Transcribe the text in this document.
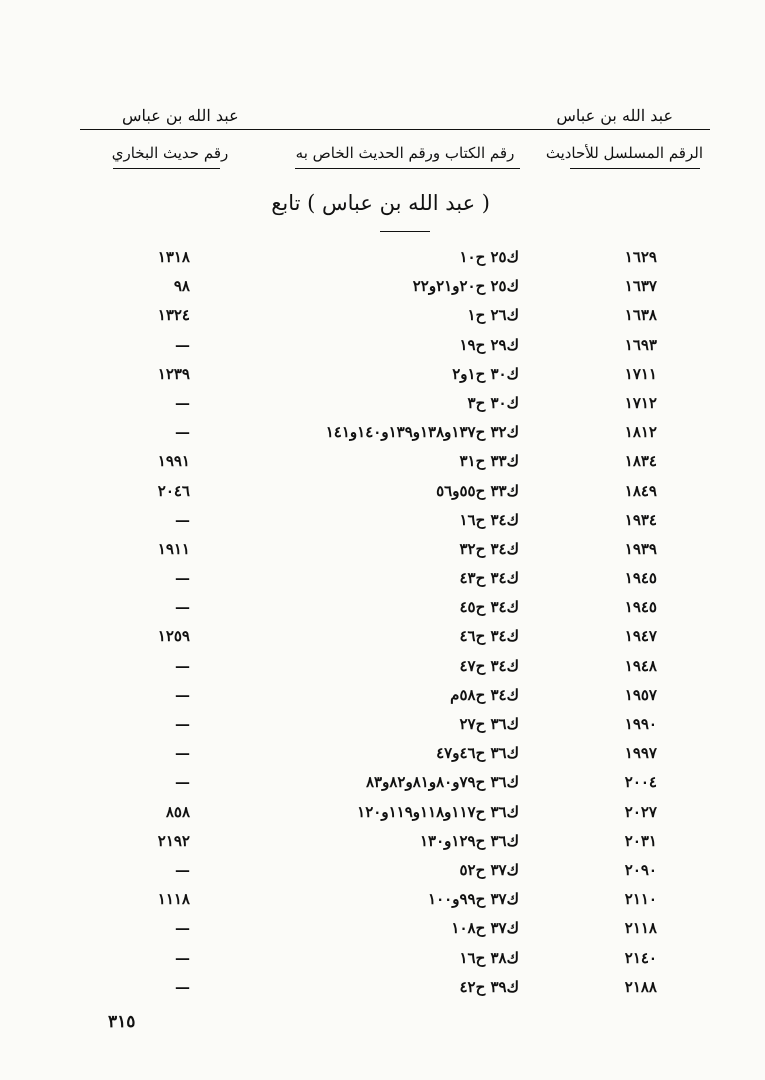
عبد الله بن عباس
عبد الله بن عباس
الرقم المسلسل للأحاديث
رقم الكتاب ورقم الحديث الخاص به
رقم حديث البخاري
( عبد الله بن عباس ) تابع
١٦٢٩
ك٢٥ ح١٠
١٣١٨
١٦٣٧
ك٢٥ ح٢٠و٢١و٢٢
٩٨
١٦٣٨
ك٢٦ ح١
١٣٢٤
١٦٩٣
ك٢٩ ح١٩
—
١٧١١
ك٣٠ ح١و٢
١٢٣٩
١٧١٢
ك٣٠ ح٣
—
١٨١٢
ك٣٢ ح١٣٧و١٣٨و١٣٩و١٤٠و١٤١
—
١٨٣٤
ك٣٣ ح٣١
١٩٩١
١٨٤٩
ك٣٣ ح٥٥و٥٦
٢٠٤٦
١٩٣٤
ك٣٤ ح١٦
—
١٩٣٩
ك٣٤ ح٣٢
١٩١١
١٩٤٥
ك٣٤ ح٤٣
—
١٩٤٥
ك٣٤ ح٤٥
—
١٩٤٧
ك٣٤ ح٤٦
١٢٥٩
١٩٤٨
ك٣٤ ح٤٧
—
١٩٥٧
ك٣٤ ح٥٨م
—
١٩٩٠
ك٣٦ ح٢٧
—
١٩٩٧
ك٣٦ ح٤٦و٤٧
—
٢٠٠٤
ك٣٦ ح٧٩و٨٠و٨١و٨٢و٨٣
—
٢٠٢٧
ك٣٦ ح١١٧و١١٨و١١٩و١٢٠
٨٥٨
٢٠٣١
ك٣٦ ح١٢٩و١٣٠
٢١٩٢
٢٠٩٠
ك٣٧ ح٥٢
—
٢١١٠
ك٣٧ ح٩٩و١٠٠
١١١٨
٢١١٨
ك٣٧ ح١٠٨
—
٢١٤٠
ك٣٨ ح١٦
—
٢١٨٨
ك٣٩ ح٤٢
—
٣١٥
